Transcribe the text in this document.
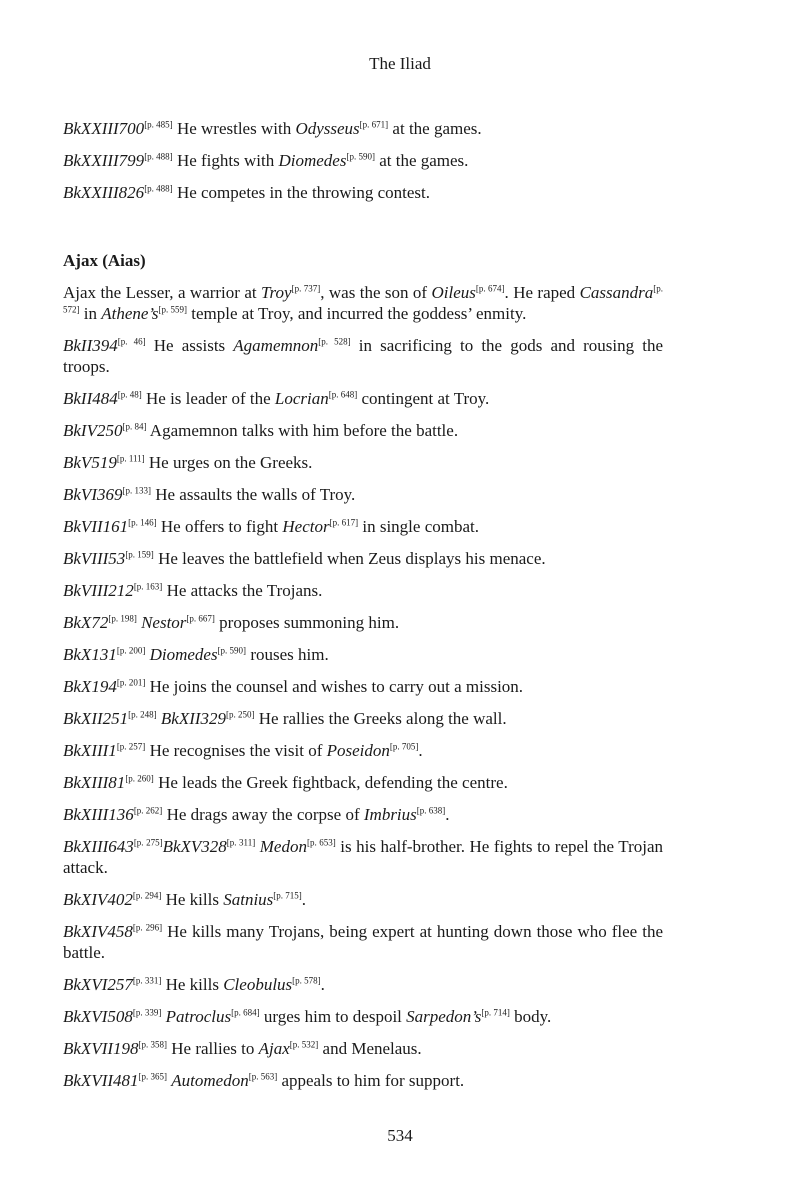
The Iliad

BkXXIII700[p. 485] He wrestles with Odysseus[p. 671] at the games.

BkXXIII799[p. 488] He fights with Diomedes[p. 590] at the games.

BkXXIII826[p. 488] He competes in the throwing contest.

Ajax (Aias)

Ajax the Lesser, a warrior at Troy[p. 737], was the son of Oileus[p. 674]. He raped Cassandra[p. 572] in Athene’s[p. 559] temple at Troy, and incurred the goddess’ enmity.

BkII394[p. 46] He assists Agamemnon[p. 528] in sacrificing to the gods and rousing the troops.

BkII484[p. 48] He is leader of the Locrian[p. 648] contingent at Troy.

BkIV250[p. 84] Agamemnon talks with him before the battle.

BkV519[p. 111] He urges on the Greeks.

BkVI369[p. 133] He assaults the walls of Troy.

BkVII161[p. 146] He offers to fight Hector[p. 617] in single combat.

BkVIII53[p. 159] He leaves the battlefield when Zeus displays his menace.

BkVIII212[p. 163] He attacks the Trojans.

BkX72[p. 198] Nestor[p. 667] proposes summoning him.

BkX131[p. 200] Diomedes[p. 590] rouses him.

BkX194[p. 201] He joins the counsel and wishes to carry out a mission.

BkXII251[p. 248] BkXII329[p. 250] He rallies the Greeks along the wall.

BkXIII1[p. 257] He recognises the visit of Poseidon[p. 705].

BkXIII81[p. 260] He leads the Greek fightback, defending the centre.

BkXIII136[p. 262] He drags away the corpse of Imbrius[p. 638].

BkXIII643[p. 275]BkXV328[p. 311] Medon[p. 653] is his half-brother. He fights to repel the Trojan attack.

BkXIV402[p. 294] He kills Satnius[p. 715].

BkXIV458[p. 296] He kills many Trojans, being expert at hunting down those who flee the battle.

BkXVI257[p. 331] He kills Cleobulus[p. 578].

BkXVI508[p. 339] Patroclus[p. 684] urges him to despoil Sarpedon’s[p. 714] body.

BkXVII198[p. 358] He rallies to Ajax[p. 532] and Menelaus.

BkXVII481[p. 365] Automedon[p. 563] appeals to him for support.

534
